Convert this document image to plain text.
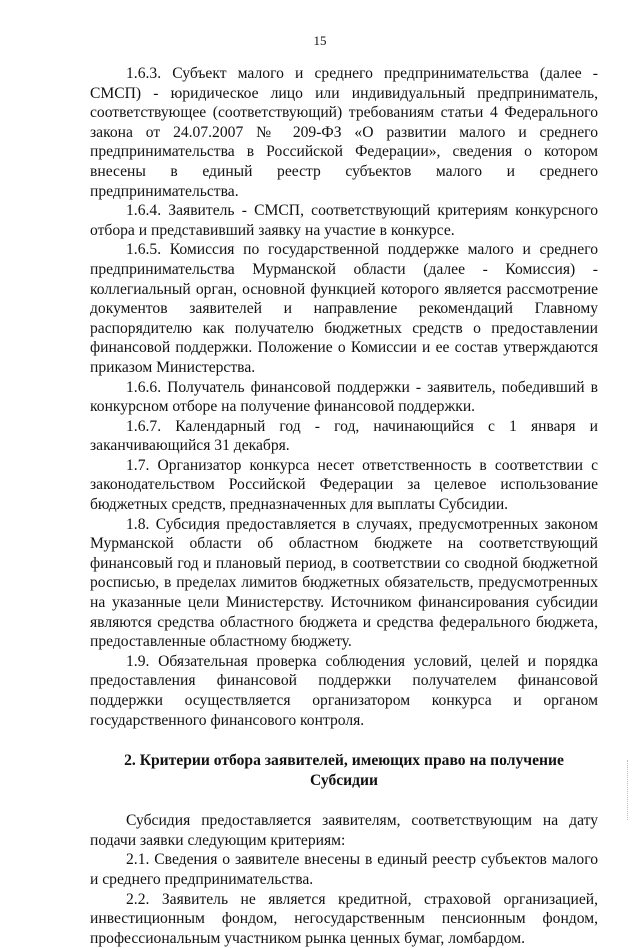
15

1.6.3. Субъект малого и среднего предпринимательства (далее - СМСП) - юридическое лицо или индивидуальный предприниматель, соответствующее (соответствующий) требованиям статьи 4 Федерального закона от 24.07.2007 № 209-ФЗ «О развитии малого и среднего предпринимательства в Российской Федерации», сведения о котором внесены в единый реестр субъектов малого и среднего предпринимательства.

1.6.4. Заявитель - СМСП, соответствующий критериям конкурсного отбора и представивший заявку на участие в конкурсе.

1.6.5. Комиссия по государственной поддержке малого и среднего предпринимательства Мурманской области (далее - Комиссия) - коллегиальный орган, основной функцией которого является рассмотрение документов заявителей и направление рекомендаций Главному распорядителю как получателю бюджетных средств о предоставлении финансовой поддержки. Положение о Комиссии и ее состав утверждаются приказом Министерства.

1.6.6. Получатель финансовой поддержки - заявитель, победивший в конкурсном отборе на получение финансовой поддержки.

1.6.7. Календарный год - год, начинающийся с 1 января и заканчивающийся 31 декабря.

1.7. Организатор конкурса несет ответственность в соответствии с законодательством Российской Федерации за целевое использование бюджетных средств, предназначенных для выплаты Субсидии.

1.8. Субсидия предоставляется в случаях, предусмотренных законом Мурманской области об областном бюджете на соответствующий финансовый год и плановый период, в соответствии со сводной бюджетной росписью, в пределах лимитов бюджетных обязательств, предусмотренных на указанные цели Министерству. Источником финансирования субсидии являются средства областного бюджета и средства федерального бюджета, предоставленные областному бюджету.

1.9. Обязательная проверка соблюдения условий, целей и порядка предоставления финансовой поддержки получателем финансовой поддержки осуществляется организатором конкурса и органом государственного финансового контроля.

2. Критерии отбора заявителей, имеющих право на получение
Субсидии

Субсидия предоставляется заявителям, соответствующим на дату подачи заявки следующим критериям:

2.1. Сведения о заявителе внесены в единый реестр субъектов малого и среднего предпринимательства.

2.2. Заявитель не является кредитной, страховой организацией, инвестиционным фондом, негосударственным пенсионным фондом, профессиональным участником рынка ценных бумаг, ломбардом.
